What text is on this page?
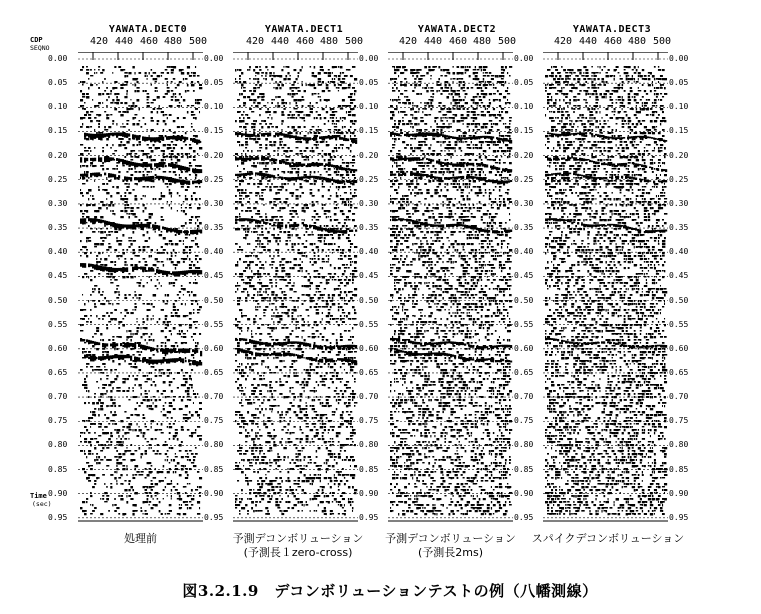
YAWATA.DECT0	YAWATA.DECT1	YAWATA.DECT2	YAWATA.DECT3
420 440 460 480 500	420 440 460 480 500	420 440 460 480 500	420 440 460 480 500
CDP
SEQNO
Time
(sec)
0.00
0.05
0.10
0.15
0.20
0.25
0.30
0.35
0.40
0.45
0.50
0.55
0.60
0.65
0.70
0.75
0.80
0.85
0.90
0.95
0.00
0.05
0.10
0.15
0.20
0.25
0.30
0.35
0.40
0.45
0.50
0.55
0.60
0.65
0.70
0.75
0.80
0.85
0.90
0.95
0.00
0.05
0.10
0.15
0.20
0.25
0.30
0.35
0.40
0.45
0.50
0.55
0.60
0.65
0.70
0.75
0.80
0.85
0.90
0.95
0.00
0.05
0.10
0.15
0.20
0.25
0.30
0.35
0.40
0.45
0.50
0.55
0.60
0.65
0.70
0.75
0.80
0.85
0.90
0.95
0.00
0.05
0.10
0.15
0.20
0.25
0.30
0.35
0.40
0.45
0.50
0.55
0.60
0.65
0.70
0.75
0.80
0.85
0.90
0.95
処理前	予測デコンボリューション
(予測長１zero-cross)
予測デコンボリューション
(予測長2ms)
スパイクデコンボリューション
図3.2.1.9　デコンボリューションテストの例（八幡測線）
